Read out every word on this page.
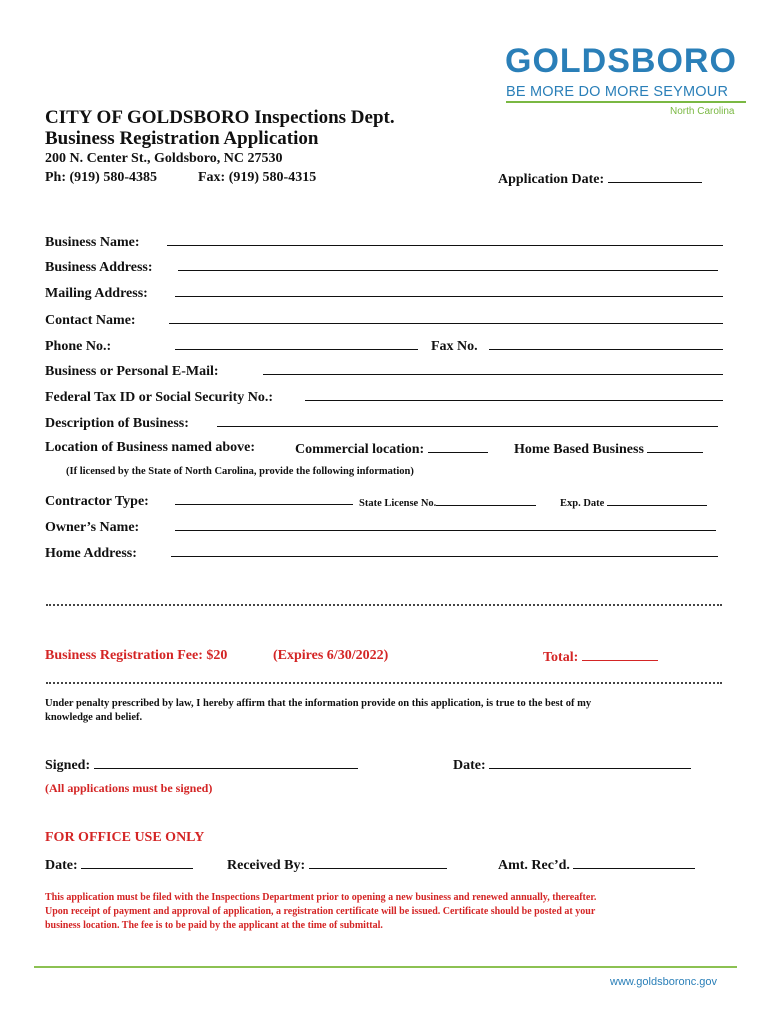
GOLDSBORO
BE MORE DO MORE SEYMOUR
North Carolina
CITY OF GOLDSBORO Inspections Dept.
Business Registration Application
200 N. Center St., Goldsboro, NC 27530
Ph: (919) 580-4385	Fax: (919) 580-4315	Application Date:
Business Name:
Business Address:
Mailing Address:
Contact Name:
Phone No.:	Fax No.
Business or Personal E-Mail:
Federal Tax ID or Social Security No.:
Description of Business:
Location of Business named above:	Commercial location:	Home Based Business
(If licensed by the State of North Carolina, provide the following information)
Contractor Type:	State License No.	Exp. Date
Owner’s Name:
Home Address:
Business Registration Fee: $20	(Expires 6/30/2022)	Total:
Under penalty prescribed by law, I hereby affirm that the information provide on this application, is true to the best of my
knowledge and belief.
Signed:	Date:
(All applications must be signed)
FOR OFFICE USE ONLY
Date:	Received By:	Amt. Rec’d.
This application must be filed with the Inspections Department prior to opening a new business and renewed annually, thereafter.
Upon receipt of payment and approval of application, a registration certificate will be issued. Certificate should be posted at your
business location. The fee is to be paid by the applicant at the time of submittal.
www.goldsboronc.gov
